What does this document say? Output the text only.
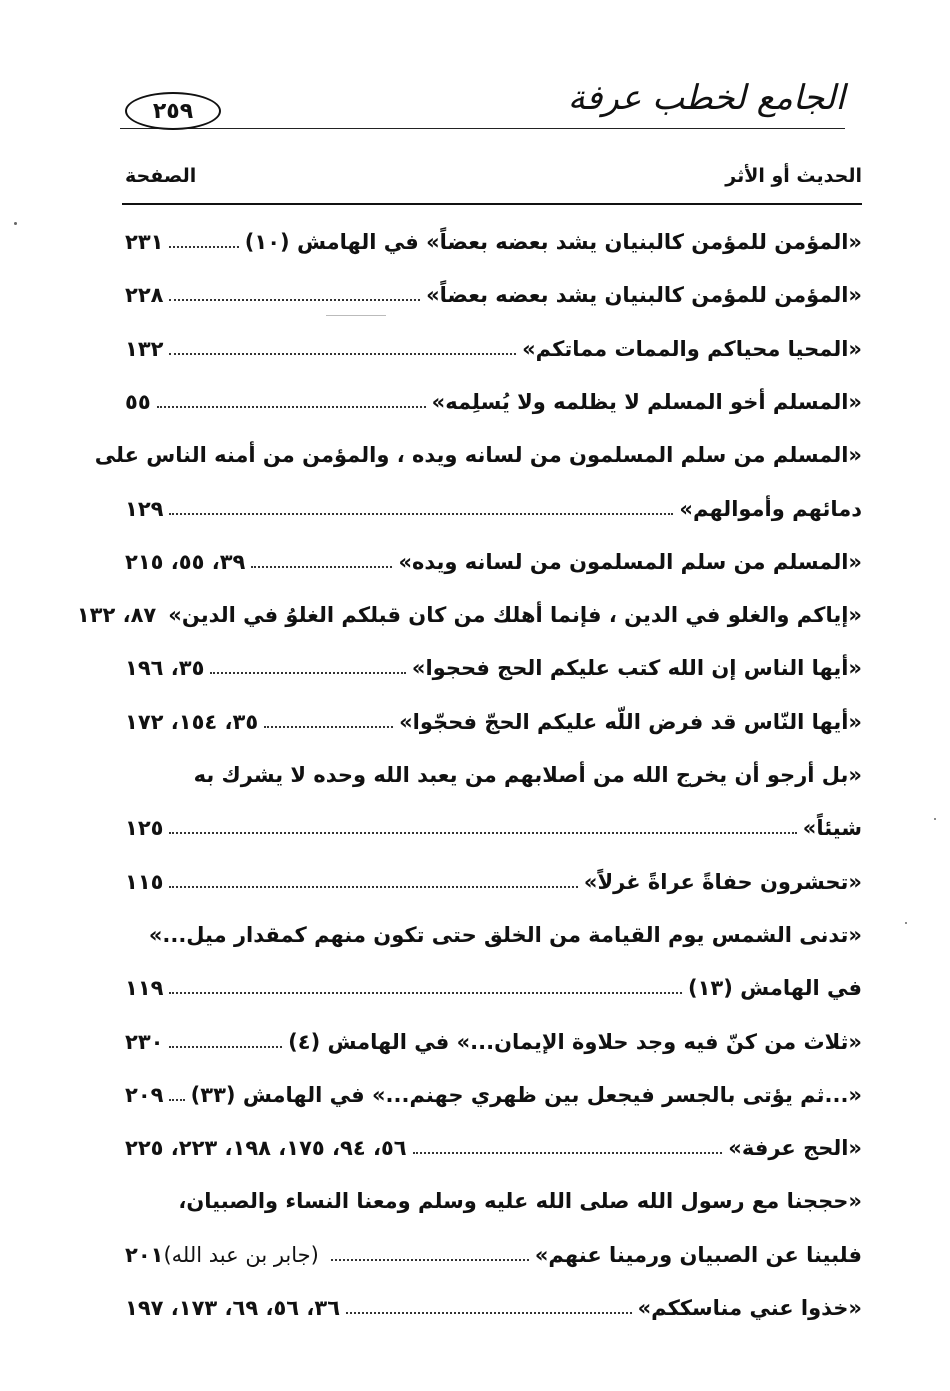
الجامع لخطب عرفة
٢٥٩
الحديث أو الأثر
الصفحة
«المؤمن للمؤمن كالبنيان يشد بعضه بعضاً» في الهامش (١٠)
٢٣١
«المؤمن للمؤمن كالبنيان يشد بعضه بعضاً»
٢٢٨
«المحيا محياكم والممات مماتكم»
١٣٢
«المسلم أخو المسلم لا يظلمه ولا يُسلِمه»
٥٥
«المسلم من سلم المسلمون من لسانه ويده ، والمؤمن من أمنه الناس على
دمائهم وأموالهم»
١٢٩
«المسلم من سلم المسلمون من لسانه ويده»
٣٩، ٥٥، ٢١٥
«إياكم والغلو في الدين ، فإنما أهلك من كان قبلكم الغلوُ في الدين»
٨٧، ١٣٢
«أيها الناس إن الله كتب عليكم الحج فحجوا»
٣٥، ١٩٦
«أيها النّاس قد فرض اللّه عليكم الحجّ فحجّوا»
٣٥، ١٥٤، ١٧٢
«بل أرجو أن يخرج الله من أصلابهم من يعبد الله وحده لا يشرك به
شيئاً»
١٢٥
«تحشرون حفاةً عراةً غرلاً»
١١٥
«تدنى الشمس يوم القيامة من الخلق حتى تكون منهم كمقدار ميل...»
في الهامش (١٣)
١١٩
«ثلاث من كنّ فيه وجد حلاوة الإيمان...» في الهامش (٤)
٢٣٠
«...ثم يؤتى بالجسر فيجعل بين ظهري جهنم...» في الهامش (٣٣)
٢٠٩
«الحج عرفة»
٥٦، ٩٤، ١٧٥، ١٩٨، ٢٢٣، ٢٢٥
«حججنا مع رسول الله صلى الله عليه وسلم ومعنا النساء والصبيان،
فلبينا عن الصبيان ورمينا عنهم»
(جابر بن عبد الله)
٢٠١
«خذوا عني مناسككم»
٣٦، ٥٦، ٦٩، ١٧٣، ١٩٧
